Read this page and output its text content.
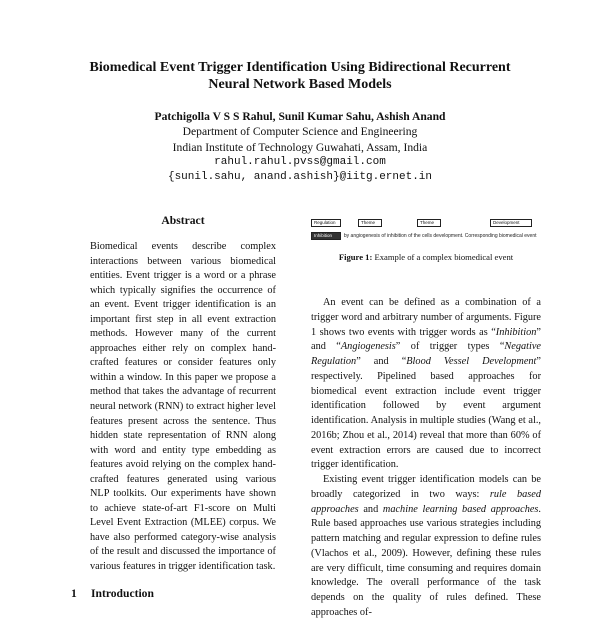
Biomedical Event Trigger Identification Using Bidirectional Recurrent
Neural Network Based Models
Patchigolla V S S Rahul, Sunil Kumar Sahu, Ashish Anand
Department of Computer Science and Engineering
Indian Institute of Technology Guwahati, Assam, India
rahul.rahul.pvss@gmail.com
{sunil.sahu, anand.ashish}@iitg.ernet.in
Abstract

Biomedical events describe complex interactions between various biomedical entities. Event trigger is a word or a phrase which typically signifies the occurrence of an event. Event trigger identification is an important first step in all event extraction methods. However many of the current approaches either rely on complex hand-crafted features or consider features only within a window. In this paper we propose a method that takes the advantage of recurrent neural network (RNN) to extract higher level features present across the sentence. Thus hidden state representation of RNN along with word and entity type embedding as features avoid relying on the complex hand-crafted features generated using various NLP toolkits. Our experiments have shown to achieve state-of-art F1-score on Multi Level Event Extraction (MLEE) corpus. We have also performed category-wise analysis of the result and discussed the importance of various features in trigger identification task.

1 Introduction
Regulation	Theme	Theme	Development
Inhibition	by angiogenesis of inhibition of the cells development. Corresponding biomedical event
Figure 1: Example of a complex biomedical event

An event can be defined as a combination of a trigger word and arbitrary number of arguments. Figure 1 shows two events with trigger words as “Inhibition” and “Angiogenesis” of trigger types “Negative Regulation” and “Blood Vessel Development” respectively. Pipelined based approaches for biomedical event extraction include event trigger identification followed by event argument identification. Analysis in multiple studies (Wang et al., 2016b; Zhou et al., 2014) reveal that more than 60% of event extraction errors are caused due to incorrect trigger identification.

Existing event trigger identification models can be broadly categorized in two ways: rule based approaches and machine learning based approaches. Rule based approaches use various strategies including pattern matching and regular expression to define rules (Vlachos et al., 2009). However, defining these rules are very difficult, time consuming and requires domain knowledge. The overall performance of the task depends on the quality of rules defined. These approaches of-
